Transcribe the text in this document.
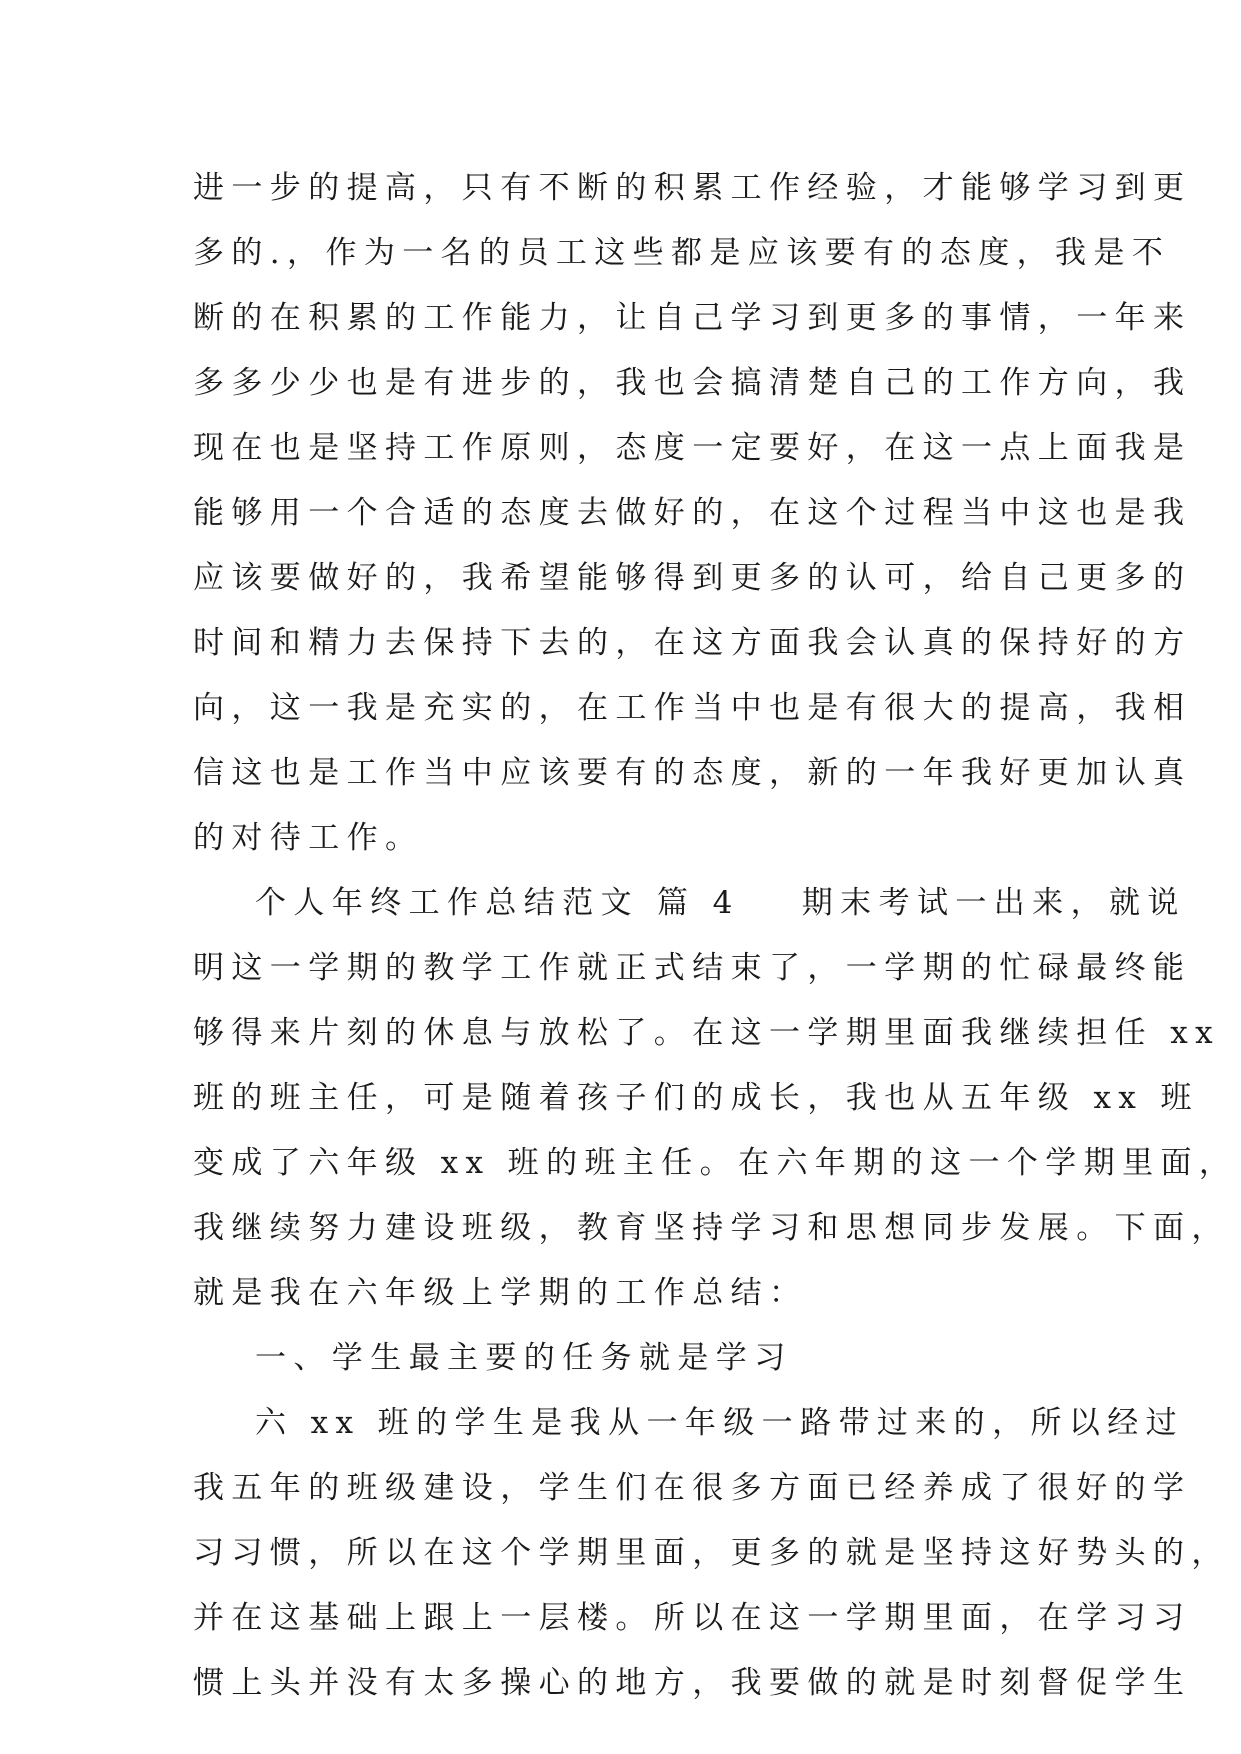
进一步的提高，只有不断的积累工作经验，才能够学习到更
多的.，作为一名的员工这些都是应该要有的态度，我是不
断的在积累的工作能力，让自己学习到更多的事情，一年来
多多少少也是有进步的，我也会搞清楚自己的工作方向，我
现在也是坚持工作原则，态度一定要好，在这一点上面我是
能够用一个合适的态度去做好的，在这个过程当中这也是我
应该要做好的，我希望能够得到更多的认可，给自己更多的
时间和精力去保持下去的，在这方面我会认真的保持好的方
向，这一我是充实的，在工作当中也是有很大的提高，我相
信这也是工作当中应该要有的态度，新的一年我好更加认真
的对待工作。
个人年终工作总结范文 篇 4 期末考试一出来，就说
明这一学期的教学工作就正式结束了，一学期的忙碌最终能
够得来片刻的休息与放松了。在这一学期里面我继续担任 xx
班的班主任，可是随着孩子们的成长，我也从五年级 xx 班
变成了六年级 xx 班的班主任。在六年期的这一个学期里面，
我继续努力建设班级，教育坚持学习和思想同步发展。下面，
就是我在六年级上学期的工作总结：
一、学生最主要的任务就是学习
六 xx 班的学生是我从一年级一路带过来的，所以经过
我五年的班级建设，学生们在很多方面已经养成了很好的学
习习惯，所以在这个学期里面，更多的就是坚持这好势头的，
并在这基础上跟上一层楼。所以在这一学期里面，在学习习
惯上头并没有太多操心的地方，我要做的就是时刻督促学生
